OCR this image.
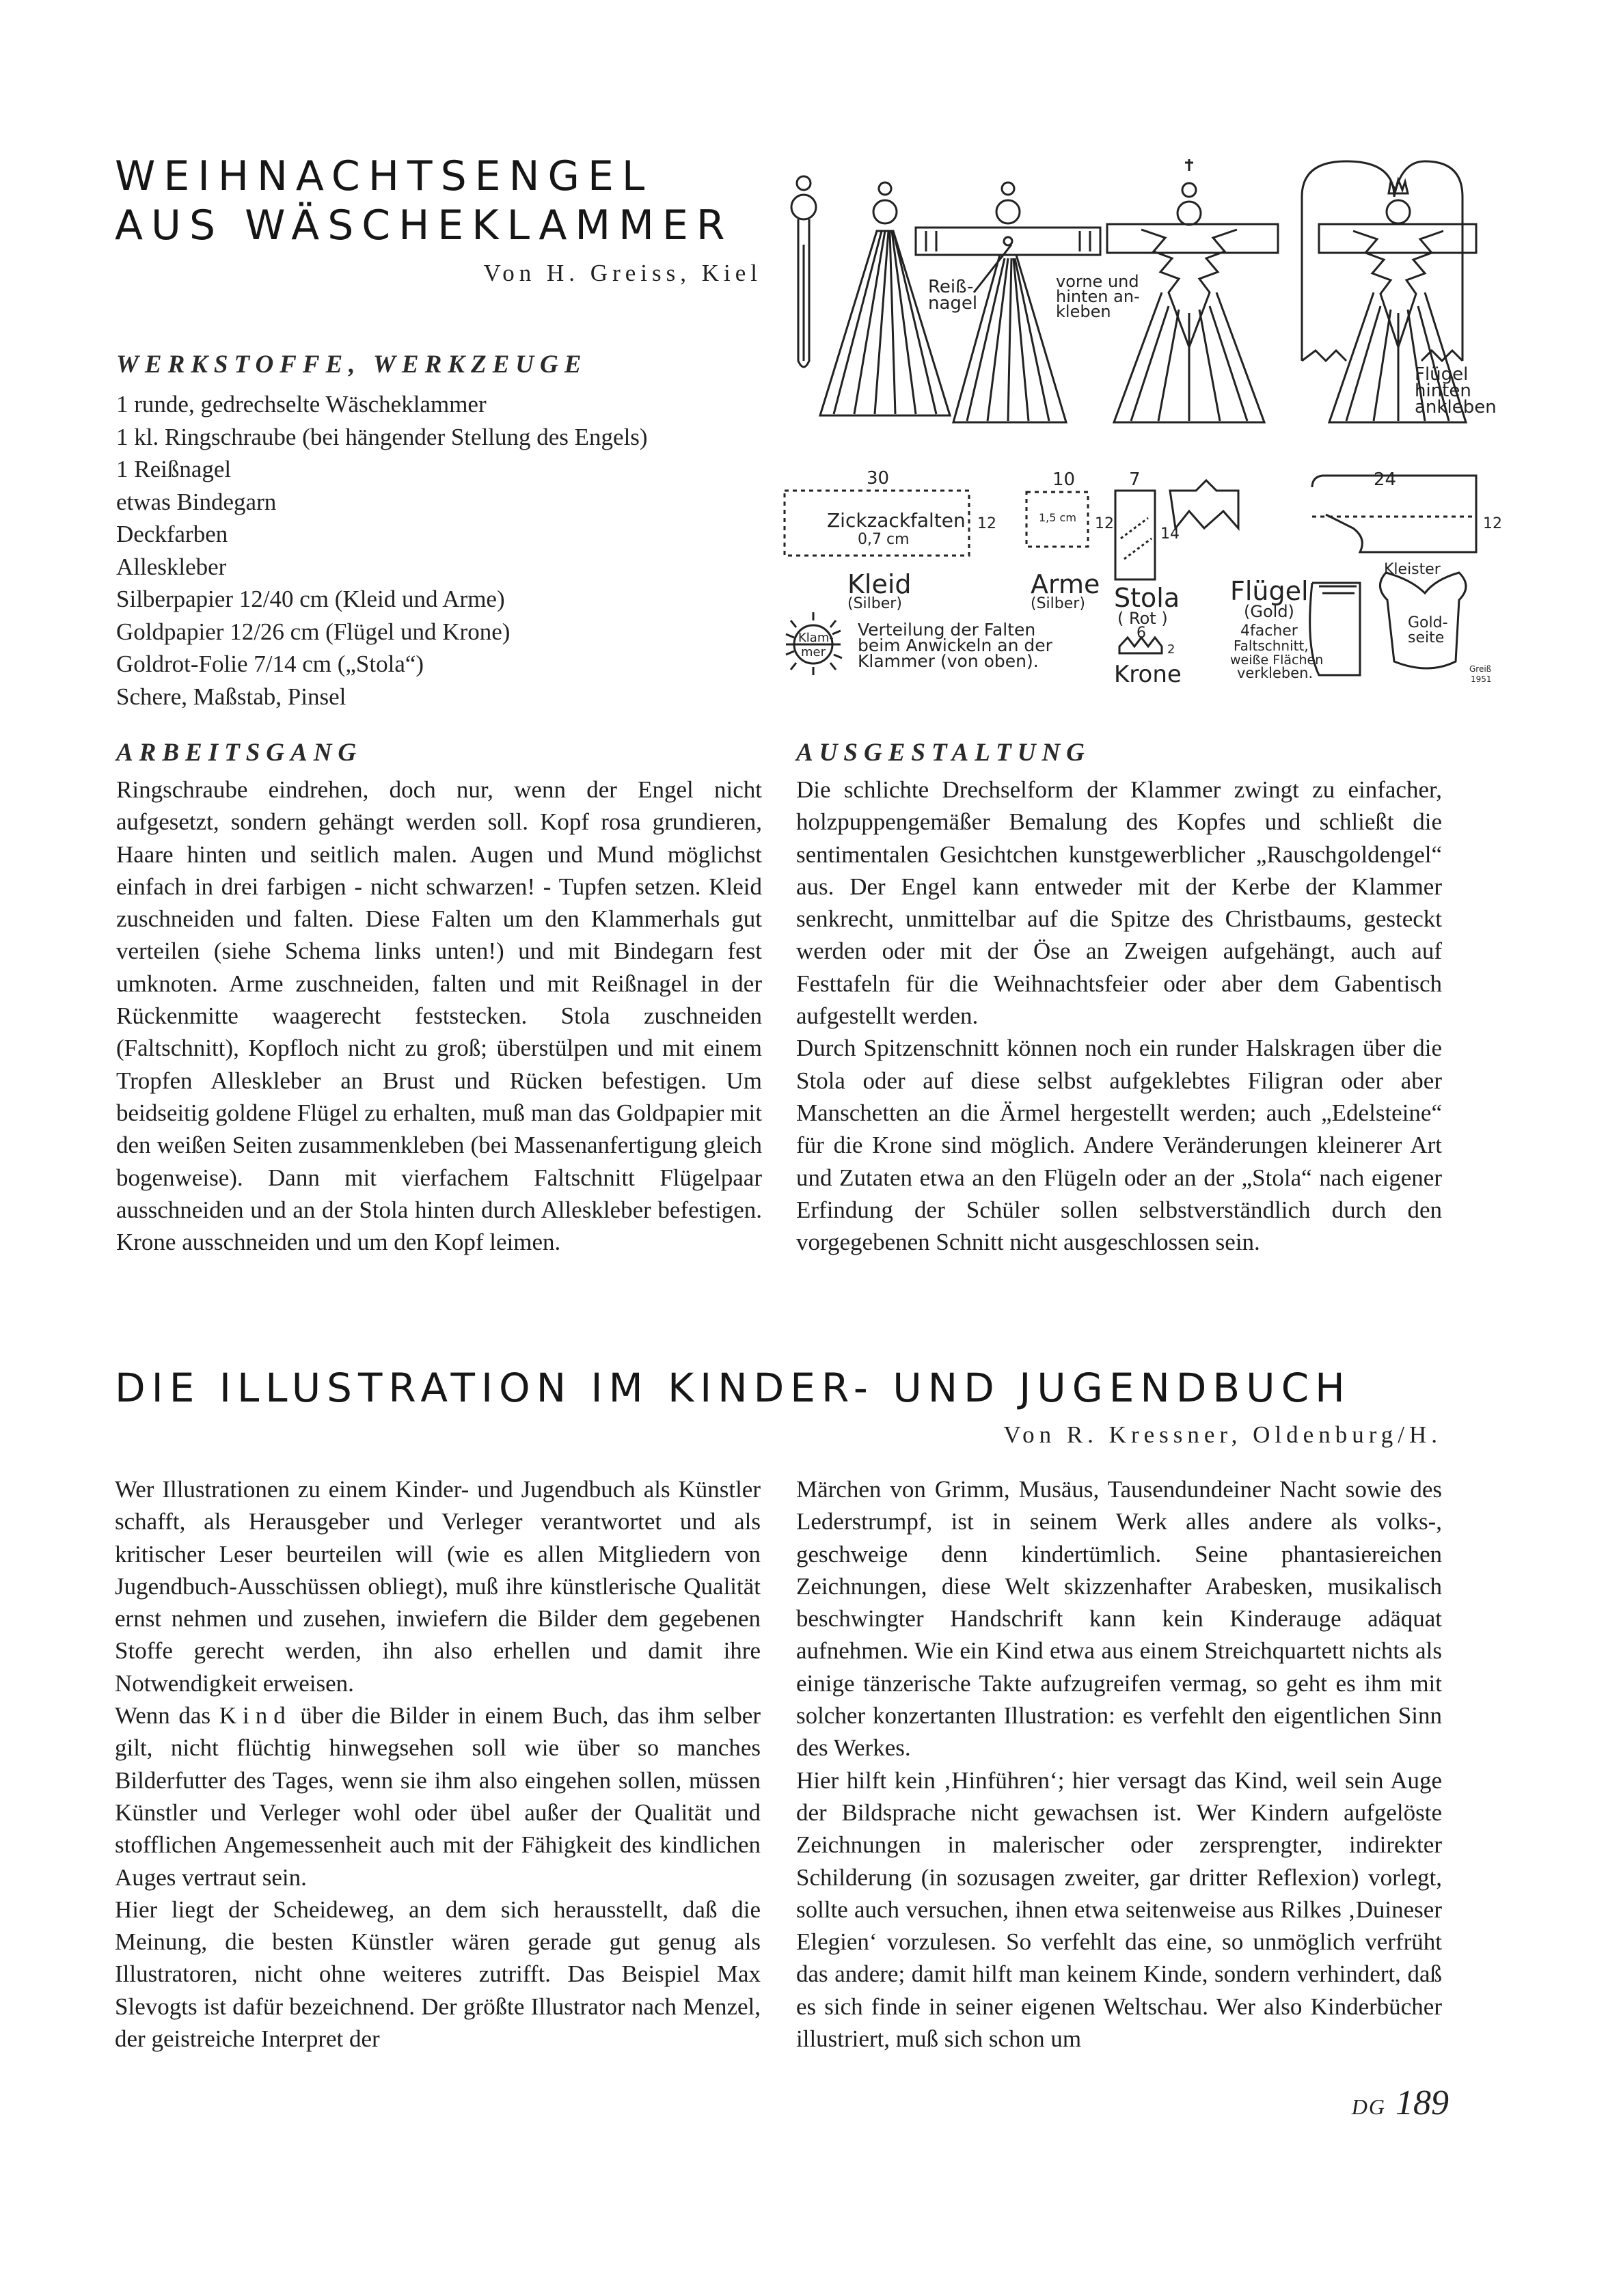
WEIHNACHTSENGEL
AUS WÄSCHEKLAMMER
Von H. Greiss, Kiel
WERKSTOFFE, WERKZEUGE
1 runde, gedrechselte Wäscheklammer
1 kl. Ringschraube (bei hängender Stellung des Engels)
1 Reißnagel
etwas Bindegarn
Deckfarben
Alleskleber
Silberpapier 12/40 cm (Kleid und Arme)
Goldpapier 12/26 cm (Flügel und Krone)
Goldrot-Folie 7/14 cm („Stola“)
Schere, Maßstab, Pinsel
ARBEITSGANG

Ringschraube eindrehen, doch nur, wenn der Engel nicht aufgesetzt, sondern gehängt werden soll. Kopf rosa grundieren, Haare hinten und seitlich malen. Augen und Mund möglichst einfach in drei farbigen - nicht schwarzen! - Tupfen setzen. Kleid zuschneiden und falten. Diese Falten um den Klammerhals gut verteilen (siehe Schema links unten!) und mit Bindegarn fest umknoten. Arme zuschneiden, falten und mit Reißnagel in der Rückenmitte waagerecht feststecken. Stola zuschneiden (Faltschnitt), Kopfloch nicht zu groß; überstülpen und mit einem Tropfen Alleskleber an Brust und Rücken befestigen. Um beidseitig goldene Flügel zu erhalten, muß man das Goldpapier mit den weißen Seiten zusammenkleben (bei Massenanfertigung gleich bogenweise). Dann mit vierfachem Faltschnitt Flügelpaar ausschneiden und an der Stola hinten durch Alleskleber befestigen. Krone ausschneiden und um den Kopf leimen.

AUSGESTALTUNG

Die schlichte Drechselform der Klammer zwingt zu einfacher, holzpuppengemäßer Bemalung des Kopfes und schließt die sentimentalen Gesichtchen kunstgewerblicher „Rauschgoldengel“ aus. Der Engel kann entweder mit der Kerbe der Klammer senkrecht, unmittelbar auf die Spitze des Christbaums, gesteckt werden oder mit der Öse an Zweigen aufgehängt, auch auf Festtafeln für die Weihnachtsfeier oder aber dem Gabentisch aufgestellt werden.

Durch Spitzenschnitt können noch ein runder Halskragen über die Stola oder auf diese selbst aufgeklebtes Filigran oder aber Manschetten an die Ärmel hergestellt werden; auch „Edelsteine“ für die Krone sind möglich. Andere Veränderungen kleinerer Art und Zutaten etwa an den Flügeln oder an der „Stola“ nach eigener Erfindung der Schüler sollen selbstverständlich durch den vorgegebenen Schnitt nicht ausgeschlossen sein.

Reiß-
nagel
vorne und
hinten an-
kleben
Flügel
hinten
ankleben
30	10	7	24
12	12	12
14
6
2
1,5 cm
Zickzackfalten
0,7 cm
Kleid
(Silber)
Arme
(Silber) Stola
( Rot )
Krone
Flügel
(Gold)
4facher
Faltschnitt,
weiße Flächen
verkleben.
Kleister
Gold-
seite
Klam-
mer
Verteilung der Falten
beim Anwickeln an der
Klammer (von oben).	Greiß
1951
DIE ILLUSTRATION IM KINDER- UND JUGENDBUCH
Von R. Kressner, Oldenburg/H.

Wer Illustrationen zu einem Kinder- und Jugendbuch als Künstler schafft, als Herausgeber und Verleger verantwortet und als kritischer Leser beurteilen will (wie es allen Mitgliedern von Jugendbuch-Ausschüssen obliegt), muß ihre künstlerische Qualität ernst nehmen und zusehen, inwiefern die Bilder dem gegebenen Stoffe gerecht werden, ihn also erhellen und damit ihre Notwendigkeit erweisen.

Wenn das Kind über die Bilder in einem Buch, das ihm selber gilt, nicht flüchtig hinwegsehen soll wie über so manches Bilderfutter des Tages, wenn sie ihm also eingehen sollen, müssen Künstler und Verleger wohl oder übel außer der Qualität und stofflichen Angemessenheit auch mit der Fähigkeit des kindlichen Auges vertraut sein.

Hier liegt der Scheideweg, an dem sich herausstellt, daß die Meinung, die besten Künstler wären gerade gut genug als Illustratoren, nicht ohne weiteres zutrifft. Das Beispiel Max Slevogts ist dafür bezeichnend. Der größte Illustrator nach Menzel, der geistreiche Interpret der

Märchen von Grimm, Musäus, Tausendundeiner Nacht sowie des Lederstrumpf, ist in seinem Werk alles andere als volks-, geschweige denn kindertümlich. Seine phantasiereichen Zeichnungen, diese Welt skizzenhafter Arabesken, musikalisch beschwingter Handschrift kann kein Kinderauge adäquat aufnehmen. Wie ein Kind etwa aus einem Streichquartett nichts als einige tänzerische Takte aufzugreifen vermag, so geht es ihm mit solcher konzertanten Illustration: es verfehlt den eigentlichen Sinn des Werkes.

Hier hilft kein ‚Hinführen‘; hier versagt das Kind, weil sein Auge der Bildsprache nicht gewachsen ist. Wer Kindern aufgelöste Zeichnungen in malerischer oder zersprengter, indirekter Schilderung (in sozusagen zweiter, gar dritter Reflexion) vorlegt, sollte auch versuchen, ihnen etwa seitenweise aus Rilkes ‚Duineser Elegien‘ vorzulesen. So verfehlt das eine, so unmöglich verfrüht das andere; damit hilft man keinem Kinde, sondern verhindert, daß es sich finde in seiner eigenen Weltschau. Wer also Kinderbücher illustriert, muß sich schon um

DG 189
